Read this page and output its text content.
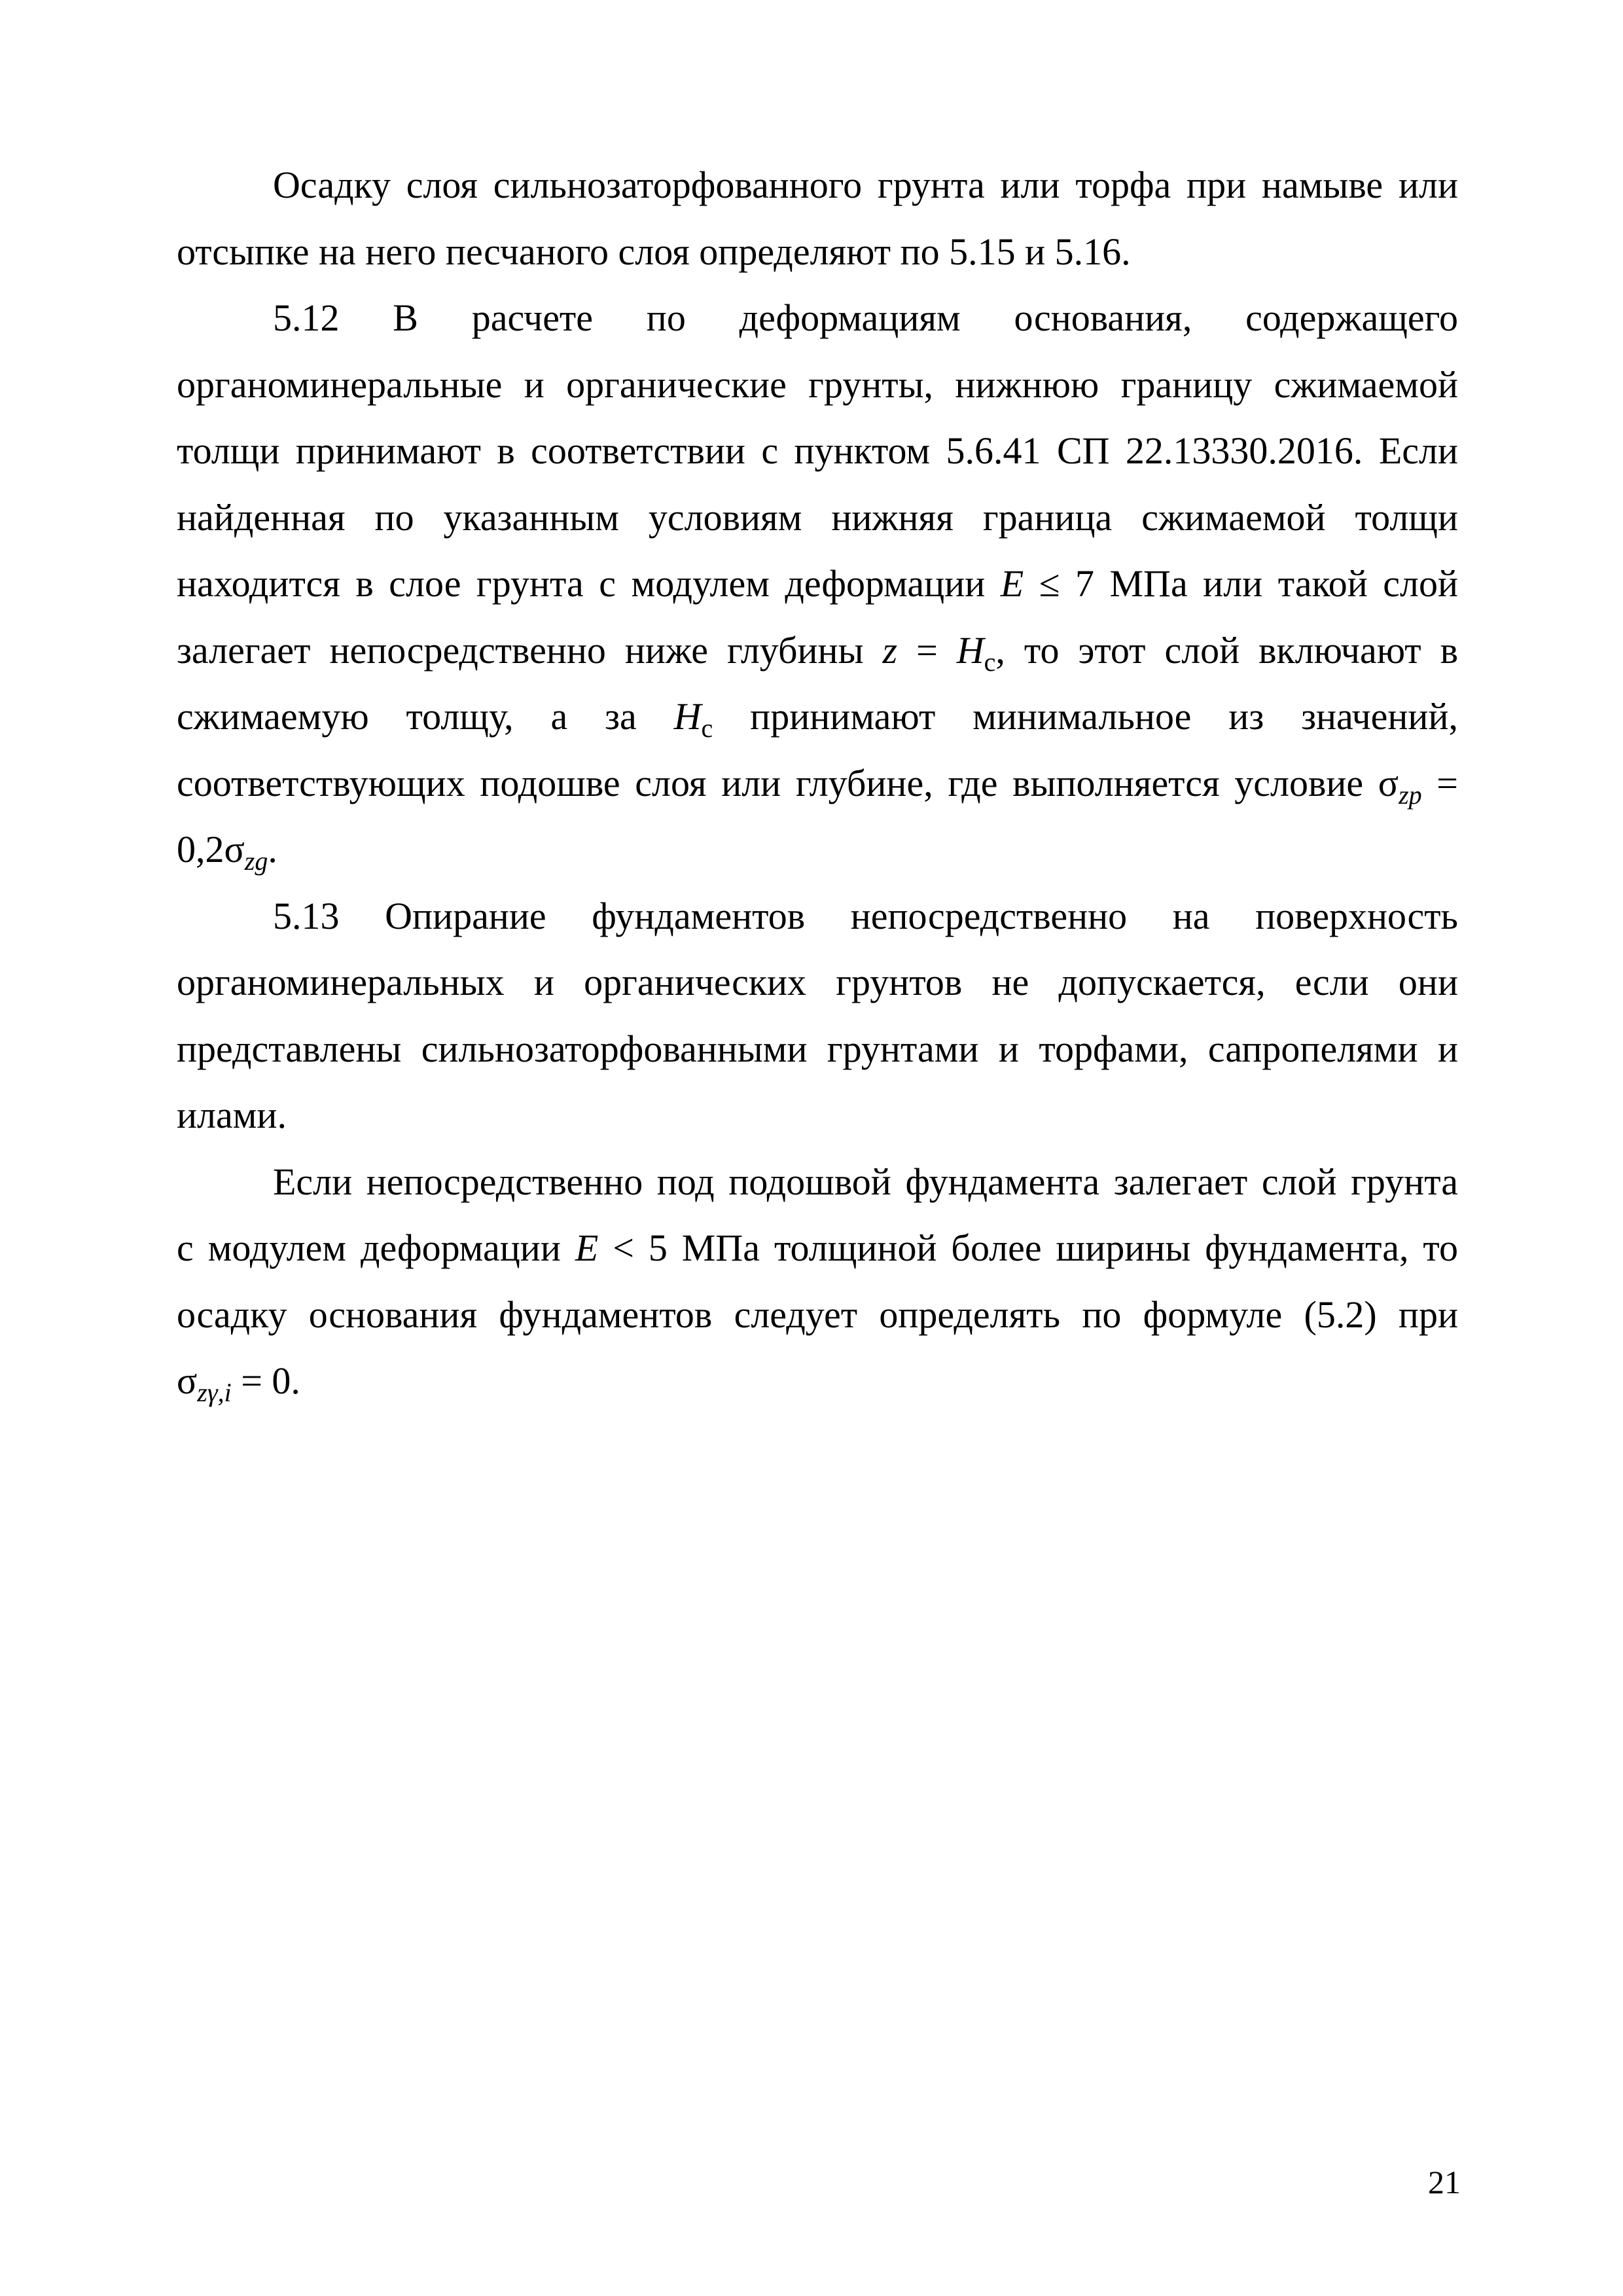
Осадку слоя сильнозаторфованного грунта или торфа при намыве или
отсыпке на него песчаного слоя определяют по 5.15 и 5.16.
5.12 В расчете по деформациям основания, содержащего
органоминеральные и органические грунты, нижнюю границу сжимаемой
толщи принимают в соответствии с пунктом 5.6.41 СП 22.13330.2016. Если
найденная по указанным условиям нижняя граница сжимаемой толщи
находится в слое грунта с модулем деформации E ≤ 7 МПа или такой слой
залегает непосредственно ниже глубины $z = H_c$, то этот слой включают в
сжимаемую толщу, а за $H_c$ принимают минимальное из значений,
соответствующих подошве слоя или глубине, где выполняется условие $\sigma_{zp}$ =
$0,2\sigma_{zg}$.
5.13 Опирание фундаментов непосредственно на поверхность
органоминеральных и органических грунтов не допускается, если они
представлены сильнозаторфованными грунтами и торфами, сапропелями и
илами.
Если непосредственно под подошвой фундамента залегает слой грунта
с модулем деформации E < 5 МПа толщиной более ширины фундамента, то
осадку основания фундаментов следует определять по формуле (5.2) при
$\sigma_{z\gamma,i} = 0$.
21
